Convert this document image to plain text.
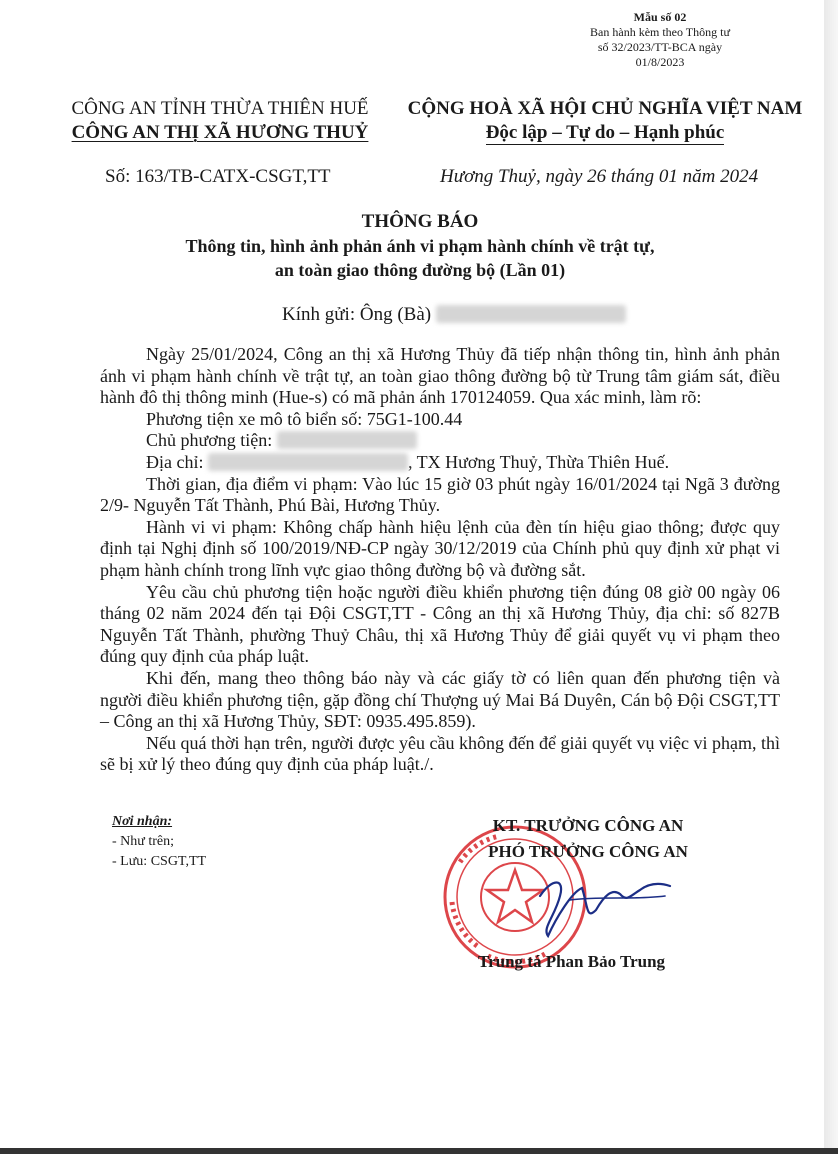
Mẫu số 02
Ban hành kèm theo Thông tư
số 32/2023/TT-BCA ngày
01/8/2023
CÔNG AN TỈNH THỪA THIÊN HUẾ
CÔNG AN THỊ XÃ HƯƠNG THUỶ
CỘNG HOÀ XÃ HỘI CHỦ NGHĨA VIỆT NAM
Độc lập – Tự do – Hạnh phúc
Số: 163/TB-CATX-CSGT,TT	Hương Thuỷ, ngày 26 tháng 01 năm 2024
THÔNG BÁO
Thông tin, hình ảnh phản ánh vi phạm hành chính về trật tự,
an toàn giao thông đường bộ (Lần 01)
Kính gửi: Ông (Bà)

Ngày 25/01/2024, Công an thị xã Hương Thủy đã tiếp nhận thông tin, hình ảnh phản ánh vi phạm hành chính về trật tự, an toàn giao thông đường bộ từ Trung tâm giám sát, điều hành đô thị thông minh (Hue-s) có mã phản ánh 170124059. Qua xác minh, làm rõ:

Phương tiện xe mô tô biển số: 75G1-100.44

Chủ phương tiện:

Địa chỉ:	, TX Hương Thuỷ, Thừa Thiên Huế.

Thời gian, địa điểm vi phạm: Vào lúc 15 giờ 03 phút ngày 16/01/2024 tại Ngã 3 đường 2/9- Nguyễn Tất Thành, Phú Bài, Hương Thủy.

Hành vi vi phạm: Không chấp hành hiệu lệnh của đèn tín hiệu giao thông; được quy định tại Nghị định số 100/2019/NĐ-CP ngày 30/12/2019 của Chính phủ quy định xử phạt vi phạm hành chính trong lĩnh vực giao thông đường bộ và đường sắt.

Yêu cầu chủ phương tiện hoặc người điều khiển phương tiện đúng 08 giờ 00 ngày 06 tháng 02 năm 2024 đến tại Đội CSGT,TT - Công an thị xã Hương Thủy, địa chỉ: số 827B Nguyễn Tất Thành, phường Thuỷ Châu, thị xã Hương Thủy để giải quyết vụ vi phạm theo đúng quy định của pháp luật.

Khi đến, mang theo thông báo này và các giấy tờ có liên quan đến phương tiện và người điều khiển phương tiện, gặp đồng chí Thượng uý Mai Bá Duyên, Cán bộ Đội CSGT,TT – Công an thị xã Hương Thủy, SĐT: 0935.495.859).

Nếu quá thời hạn trên, người được yêu cầu không đến để giải quyết vụ việc vi phạm, thì sẽ bị xử lý theo đúng quy định của pháp luật./.

Nơi nhận:
- Như trên;
- Lưu: CSGT,TT
KT. TRƯỞNG CÔNG AN
PHÓ TRƯỞNG CÔNG AN
Trung tá Phan Bảo Trung
